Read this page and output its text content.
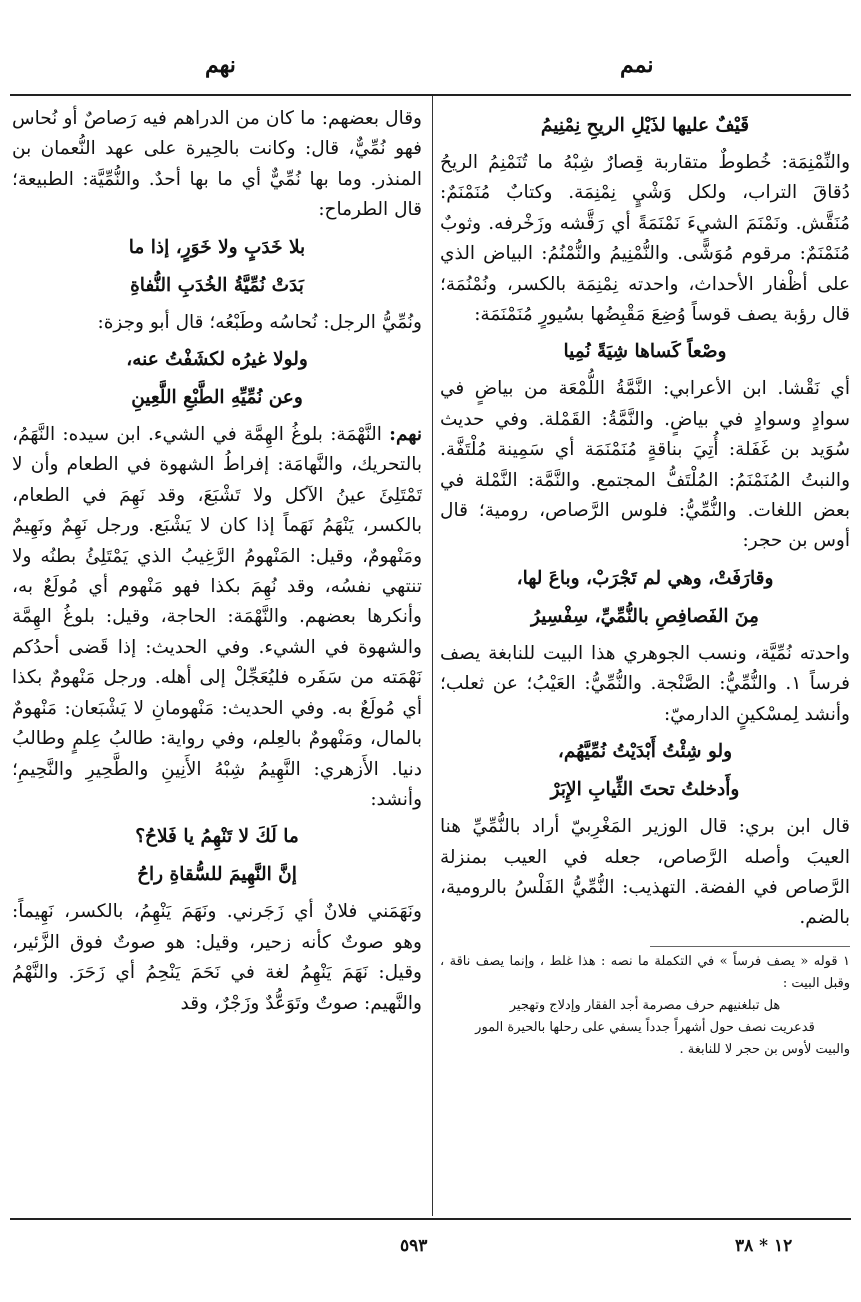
نهم	نمم

قَيْفٌ عليها لذَيْلِ الريحِ نِمْنِيمُ

والنِّمْنِمَة: خُطوطٌ متقاربة قِصارٌ شِبْهُ ما تُنَمْنِمُ الريحُ دُقاقَ التراب، ولكل وَشْيٍ نِمْنِمَة. وكتابٌ مُنَمْنَمٌ: مُنَقَّش. ونَمْنَمَ الشيءَ نَمْنَمَةً أي رَقَّشه وزَخْرفه. وثوبٌ مُنَمْنَمٌ: مرقوم مُوَشًّى. والنُّمْنِيمُ والنُّمْنُمُ: البياض الذي على أظْفار الأحداث، واحدته نِمْنِمَة بالكسر، ونُمْنُمَة؛ قال رؤبة يصف قوساً وُضِعَ مَقْبِضُها بسُيورٍ مُنَمْنَمَة:

وصْعاً كَساها شِيَةً نُمِيا

أي نَقْشا. ابن الأعرابي: النَّمَّةُ اللُّمْعَة من بياضٍ في سوادٍ وسوادٍ في بياضٍ. والنَّمَّةُ: القَمْلة. وفي حديث سُوَيد بن غَفَلة: أُتِيَ بناقةٍ مُنَمْنَمَة أي سَمِينة مُلْتَفَّة. والنبتُ المُنَمْنَمُ: المُلْتَفُّ المجتمع. والنَّمَّة: النَّمْلة في بعض اللغات. والنُّمِّيُّ: فلوس الرَّصاص، رومية؛ قال أوس بن حجر:

وقارَفَتْ، وهي لم تَجْرَبْ، وباعَ لها،

مِنَ الفَصافِصِ بالنُّمِّيِّ، سِفْسِيرُ

واحدته نُمِّيَّة، ونسب الجوهري هذا البيت للنابغة يصف فرساً ١. والنُّمِّيُّ: الصَّنْجة. والنُّمِّيُّ: العَيْبُ؛ عن ثعلب؛ وأنشد لِمسْكينٍ الدارميّ:

ولو شِئْتُ أَبْدَيْتُ نُمِّيَّهُم،

وأَدخلتُ تحتَ الثِّيابِ الإِبَرْ

قال ابن بري: قال الوزير المَغْرِبيّ أراد بالنُّمِّيِّ هنا العيبَ وأصله الرَّصاص، جعله في العيب بمنزلة الرَّصاص في الفضة. التهذيب: النُّمِّيُّ الفَلْسُ بالرومية، بالضم.

١ قوله « يصف فرساً » في التكملة ما نصه : هذا غلط ، وإنما يصف ناقة ، وقبل البيت :

هل تبلغنيهم حرف مصرمة أجد الفقار وإدلاج وتهجير

قدعريت نصف حول أشهراً جدداً يسفي على رحلها بالحيرة المور

والبيت لأوس بن حجر لا للنابغة .

وقال بعضهم: ما كان من الدراهم فيه رَصاصٌ أو نُحاس فهو نُمِّيٌّ، قال: وكانت بالحِيرة على عهد النُّعمان بن المنذر. وما بها نُمِّيٌّ أي ما بها أحدٌ. والنُّمِّيَّة: الطبيعة؛ قال الطرماح:

بلا خَدَبٍ ولا خَوَرٍ، إذا ما

بَدَتْ نُمِّيَّةُ الخُدَبِ النُّفاةِ

ونُمِّيُّ الرجل: نُحاسُه وطَبْعُه؛ قال أبو وجزة:

ولولا غيرُه لكشَفْتُ عنه،

وعن نُمِّيِّهِ الطَّبْعِ اللَّعِينِ

نهم: النَّهْمَة: بلوغُ الهِمَّة في الشيء. ابن سيده: النَّهَمُ، بالتحريك، والنَّهامَة: إفراطُ الشهوة في الطعام وأن لا تَمْتَلِئَ عينُ الآكل ولا تَشْبَعَ، وقد نَهِمَ في الطعام، بالكسر، يَنْهَمُ نَهَماً إذا كان لا يَشْبَع. ورجل نَهِمٌ ونَهِيمٌ ومَنْهومٌ، وقيل: المَنْهومُ الرَّغِيبُ الذي يَمْتَلِئُ بطنُه ولا تنتهي نفسُه، وقد نُهِمَ بكذا فهو مَنْهوم أي مُولَعٌ به، وأنكرها بعضهم. والنَّهْمَة: الحاجة، وقيل: بلوغُ الهِمَّة والشهوة في الشيء. وفي الحديث: إذا قَضى أحدُكم نَهْمَته من سَفَره فليُعَجِّلْ إلى أهله. ورجل مَنْهومٌ بكذا أي مُولَعٌ به. وفي الحديث: مَنْهومانِ لا يَشْبَعان: مَنْهومٌ بالمال، ومَنْهومٌ بالعِلم، وفي رواية: طالبُ عِلمٍ وطالبُ دنيا. الأَزهري: النَّهِيمُ شِبْهُ الأَنِينِ والطَّحِيرِ والنَّحِيمِ؛ وأنشد:

ما لَكَ لا تَنْهِمُ يا فَلاحُ؟

إنَّ النَّهِيمَ للسُّقاةِ راحُ

ونَهَمَني فلانٌ أي زَجَرني. ونَهَمَ يَنْهِمُ، بالكسر، نَهِيماً: وهو صوتٌ كأنه زحير، وقيل: هو صوتٌ فوق الزَّئير، وقيل: نَهَمَ يَنْهِمُ لغة في نَحَمَ يَنْحِمُ أي زَحَرَ. والنَّهْمُ والنَّهيم: صوتٌ وتَوَعُّدٌ وزَجْرٌ، وقد

٥٩٣	١٢ * ٣٨
